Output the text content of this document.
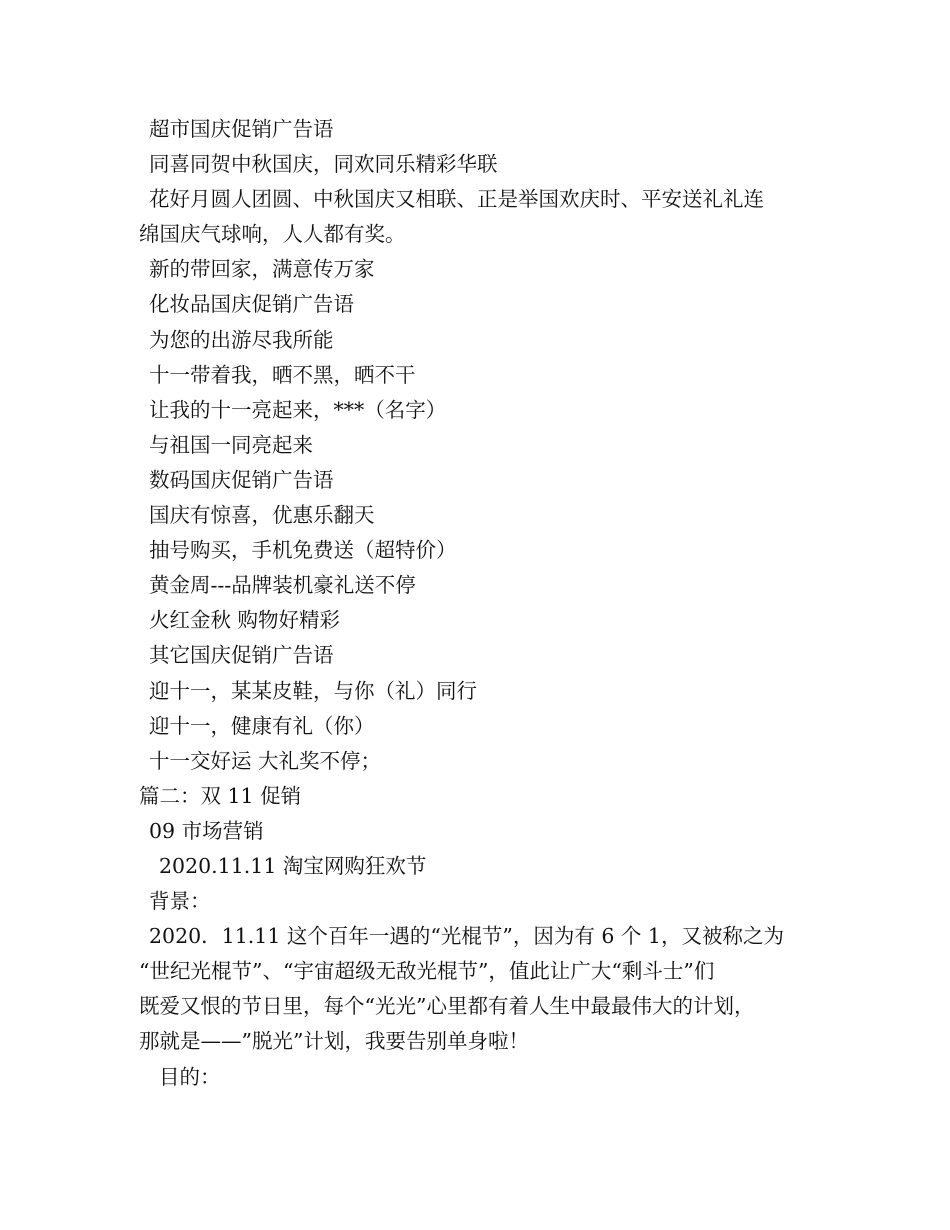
超市国庆促销广告语
同喜同贺中秋国庆，同欢同乐精彩华联
花好月圆人团圆、中秋国庆又相联、正是举国欢庆时、平安送礼礼连
绵国庆气球响，人人都有奖。
新的带回家，满意传万家
化妆品国庆促销广告语
为您的出游尽我所能
十一带着我，晒不黑，晒不干
让我的十一亮起来，***（名字）
与祖国一同亮起来
数码国庆促销广告语
国庆有惊喜，优惠乐翻天
抽号购买，手机免费送（超特价）
黄金周---品牌装机豪礼送不停
火红金秋 购物好精彩
其它国庆促销广告语
迎十一，某某皮鞋，与你（礼）同行
迎十一，健康有礼（你）
十一交好运 大礼奖不停；
篇二：双 11 促销
09 市场营销
2020.11.11 淘宝网购狂欢节
背景：
2020．11.11 这个百年一遇的“光棍节”，因为有 6 个 1，又被称之为
“世纪光棍节”、“宇宙超级无敌光棍节”，值此让广大“剩斗士”们
既爱又恨的节日里，每个“光光”心里都有着人生中最最伟大的计划，
那就是——”脱光”计划，我要告别单身啦！
目的：
